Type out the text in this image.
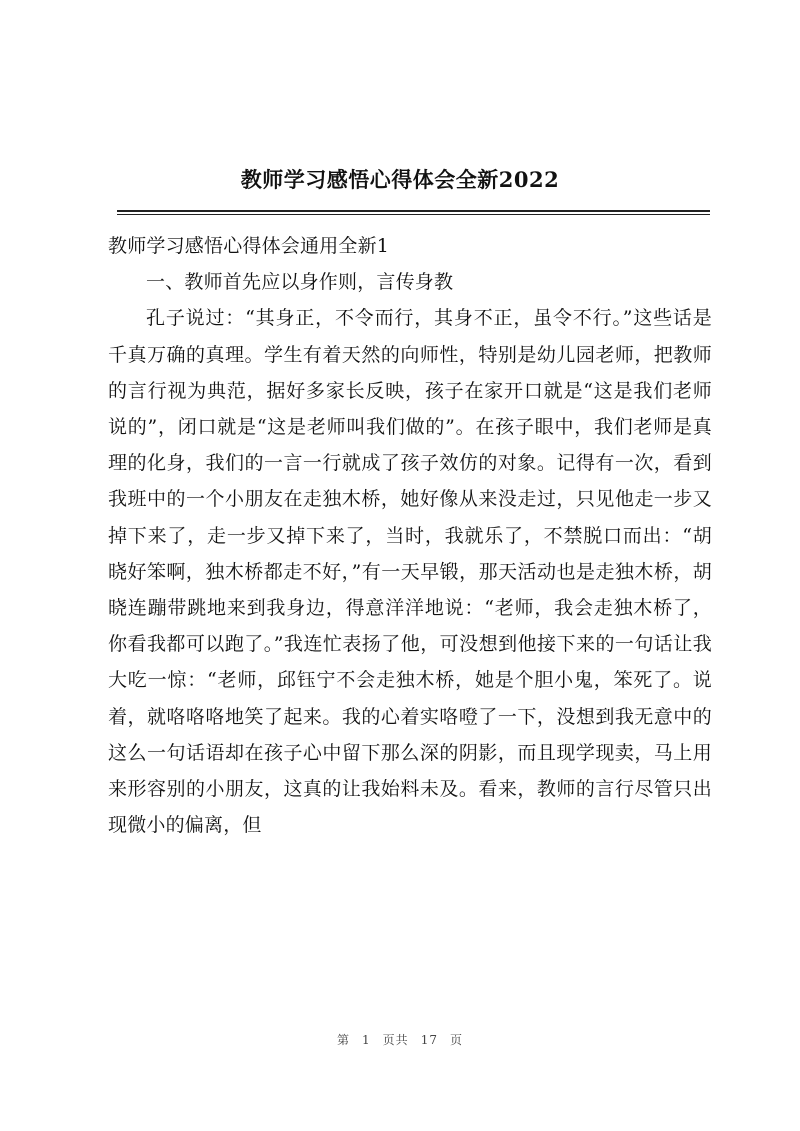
教师学习感悟心得体会全新2022

教师学习感悟心得体会通用全新1

一、教师首先应以身作则，言传身教

孔子说过：“其身正，不令而行，其身不正，虽令不行。”这些话是千真万确的真理。学生有着天然的向师性，特别是幼儿园老师，把教师的言行视为典范，据好多家长反映，孩子在家开口就是“这是我们老师说的”，闭口就是“这是老师叫我们做的”。在孩子眼中，我们老师是真理的化身，我们的一言一行就成了孩子效仿的对象。记得有一次，看到我班中的一个小朋友在走独木桥，她好像从来没走过，只见他走一步又掉下来了，走一步又掉下来了，当时，我就乐了，不禁脱口而出：“胡晓好笨啊，独木桥都走不好，”有一天早锻，那天活动也是走独木桥，胡晓连蹦带跳地来到我身边，得意洋洋地说：“老师，我会走独木桥了，你看我都可以跑了。”我连忙表扬了他，可没想到他接下来的一句话让我大吃一惊：“老师，邱钰宁不会走独木桥，她是个胆小鬼，笨死了。说着，就咯咯咯地笑了起来。我的心着实咯噔了一下，没想到我无意中的这么一句话语却在孩子心中留下那么深的阴影，而且现学现卖，马上用来形容别的小朋友，这真的让我始料未及。看来，教师的言行尽管只出现微小的偏离，但

第 1 页共 17 页
